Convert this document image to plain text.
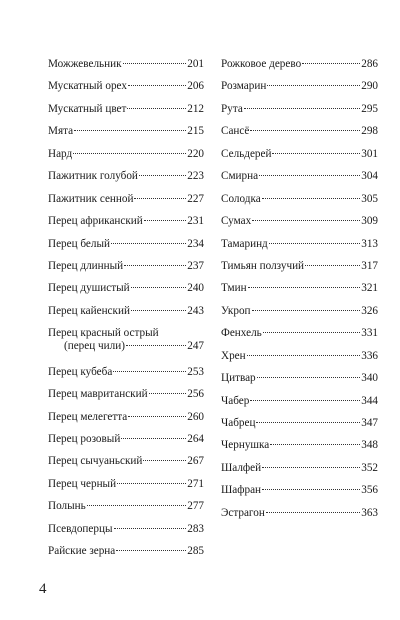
Можжевельник	201
Мускатный орех	206
Мускатный цвет	212
Мята	215
Нард	220
Пажитник голубой	223
Пажитник сенной	227
Перец африканский	231
Перец белый	234
Перец длинный	237
Перец душистый	240
Перец кайенский	243
Перец красный острый
(перец чили)	247
Перец кубеба	253
Перец мавританский	256
Перец мелегетта	260
Перец розовый	264
Перец сычуаньский	267
Перец черный	271
Полынь	277
Псевдоперцы	283
Райские зерна	285
Рожковое дерево	286
Розмарин	290
Рута	295
Сансё	298
Сельдерей	301
Смирна	304
Солодка	305
Сумах	309
Тамаринд	313
Тимьян ползучий	317
Тмин	321
Укроп	326
Фенхель	331
Хрен	336
Цитвар	340
Чабер	344
Чабрец	347
Чернушка	348
Шалфей	352
Шафран	356
Эстрагон	363
4
